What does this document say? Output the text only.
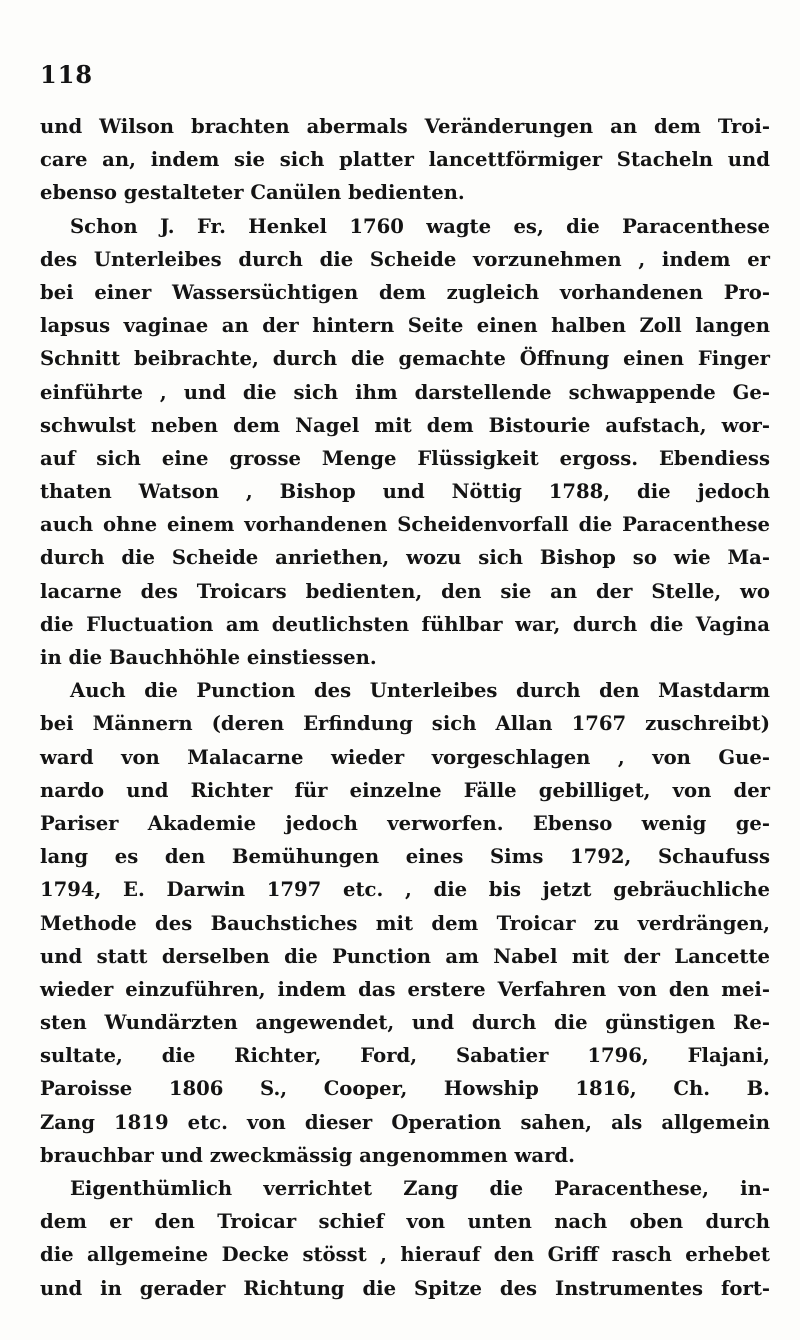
118
und Wilson brachten abermals Veränderungen an dem Troi-
care an, indem sie sich platter lancettförmiger Stacheln und
ebenso gestalteter Canülen bedienten.
Schon J. Fr. Henkel 1760 wagte es, die Paracenthese
des Unterleibes durch die Scheide vorzunehmen , indem er
bei einer Wassersüchtigen dem zugleich vorhandenen Pro-
lapsus vaginae an der hintern Seite einen halben Zoll langen
Schnitt beibrachte, durch die gemachte Öffnung einen Finger
einführte , und die sich ihm darstellende schwappende Ge-
schwulst neben dem Nagel mit dem Bistourie aufstach, wor-
auf sich eine grosse Menge Flüssigkeit ergoss. Ebendiess
thaten Watson , Bishop und Nöttig 1788, die jedoch
auch ohne einem vorhandenen Scheidenvorfall die Paracenthese
durch die Scheide anriethen, wozu sich Bishop so wie Ma-
lacarne des Troicars bedienten, den sie an der Stelle, wo
die Fluctuation am deutlichsten fühlbar war, durch die Vagina
in die Bauchhöhle einstiessen.
Auch die Punction des Unterleibes durch den Mastdarm
bei Männern (deren Erfindung sich Allan 1767 zuschreibt)
ward von Malacarne wieder vorgeschlagen , von Gue-
nardo und Richter für einzelne Fälle gebilliget, von der
Pariser Akademie jedoch verworfen. Ebenso wenig ge-
lang es den Bemühungen eines Sims 1792, Schaufuss
1794, E. Darwin 1797 etc. , die bis jetzt gebräuchliche
Methode des Bauchstiches mit dem Troicar zu verdrängen,
und statt derselben die Punction am Nabel mit der Lancette
wieder einzuführen, indem das erstere Verfahren von den mei-
sten Wundärzten angewendet, und durch die günstigen Re-
sultate, die Richter, Ford, Sabatier 1796, Flajani,
Paroisse 1806 S., Cooper, Howship 1816, Ch. B.
Zang 1819 etc. von dieser Operation sahen, als allgemein
brauchbar und zweckmässig angenommen ward.
Eigenthümlich verrichtet Zang die Paracenthese, in-
dem er den Troicar schief von unten nach oben durch
die allgemeine Decke stösst , hierauf den Griff rasch erhebet
und in gerader Richtung die Spitze des Instrumentes fort-
